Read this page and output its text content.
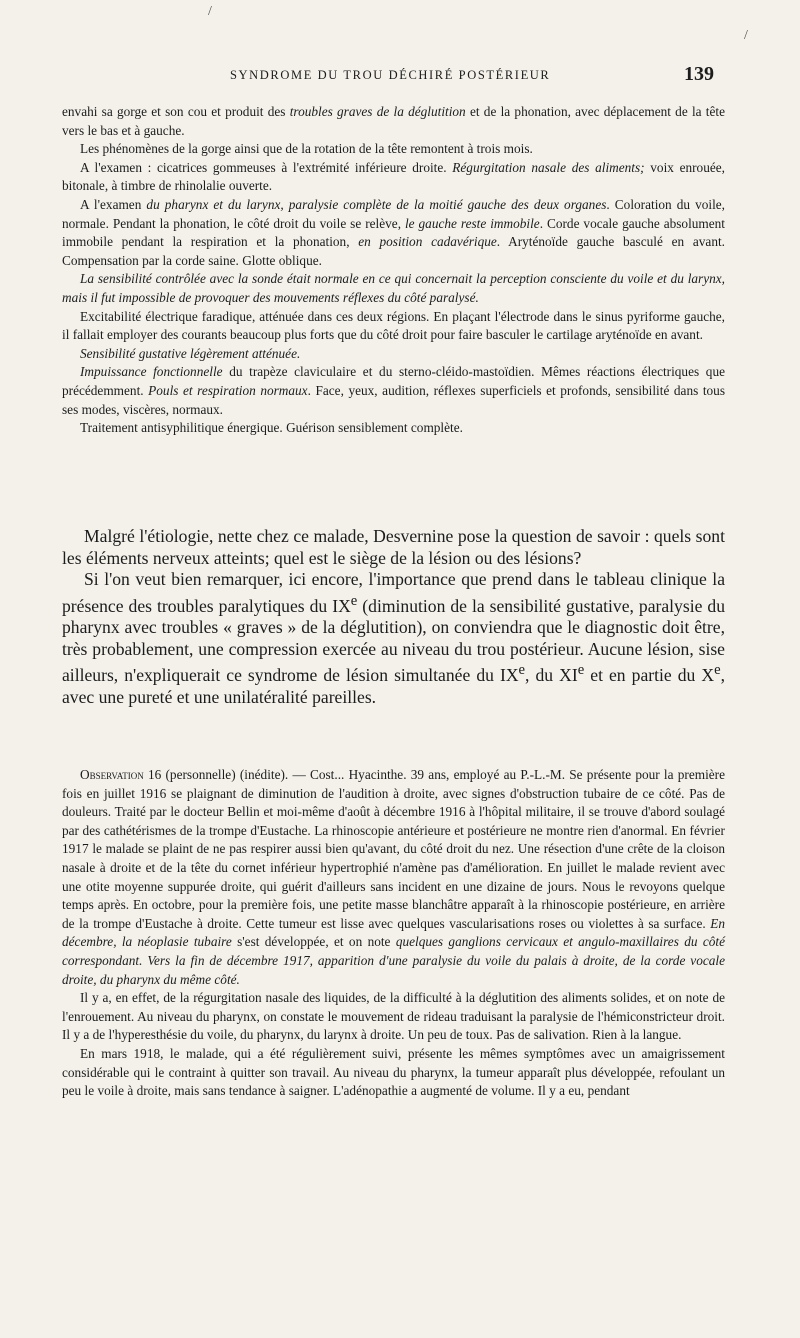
SYNDROME DU TROU DÉCHIRÉ POSTÉRIEUR	139
/
/

envahi sa gorge et son cou et produit des troubles graves de la déglutition et de la phonation, avec déplacement de la tête vers le bas et à gauche.

Les phénomènes de la gorge ainsi que de la rotation de la tête remontent à trois mois.

A l'examen : cicatrices gommeuses à l'extrémité inférieure droite. Régurgitation nasale des aliments; voix enrouée, bitonale, à timbre de rhinolalie ouverte.

A l'examen du pharynx et du larynx, paralysie complète de la moitié gauche des deux organes. Coloration du voile, normale. Pendant la phonation, le côté droit du voile se relève, le gauche reste immobile. Corde vocale gauche absolument immobile pendant la respiration et la phonation, en position cadavérique. Aryténoïde gauche basculé en avant. Compensation par la corde saine. Glotte oblique.

La sensibilité contrôlée avec la sonde était normale en ce qui concernait la perception consciente du voile et du larynx, mais il fut impossible de provoquer des mouvements réflexes du côté paralysé.

Excitabilité électrique faradique, atténuée dans ces deux régions. En plaçant l'électrode dans le sinus pyriforme gauche, il fallait employer des courants beaucoup plus forts que du côté droit pour faire basculer le cartilage aryténoïde en avant.

Sensibilité gustative légèrement atténuée.

Impuissance fonctionnelle du trapèze claviculaire et du sterno-cléido-mastoïdien. Mêmes réactions électriques que précédemment. Pouls et respiration normaux. Face, yeux, audition, réflexes superficiels et profonds, sensibilité dans tous ses modes, viscères, normaux.

Traitement antisyphilitique énergique. Guérison sensiblement complète.

Malgré l'étiologie, nette chez ce malade, Desvernine pose la question de savoir : quels sont les éléments nerveux atteints; quel est le siège de la lésion ou des lésions?

Si l'on veut bien remarquer, ici encore, l'importance que prend dans le tableau clinique la présence des troubles paralytiques du IXe (diminution de la sensibilité gustative, paralysie du pharynx avec troubles « graves » de la déglutition), on conviendra que le diagnostic doit être, très probablement, une compression exercée au niveau du trou postérieur. Aucune lésion, sise ailleurs, n'expliquerait ce syndrome de lésion simultanée du IXe, du XIe et en partie du Xe, avec une pureté et une unilatéralité pareilles.

Observation 16 (personnelle) (inédite). — Cost... Hyacinthe. 39 ans, employé au P.-L.-M. Se présente pour la première fois en juillet 1916 se plaignant de diminution de l'audition à droite, avec signes d'obstruction tubaire de ce côté. Pas de douleurs. Traité par le docteur Bellin et moi-même d'août à décembre 1916 à l'hôpital militaire, il se trouve d'abord soulagé par des cathétérismes de la trompe d'Eustache. La rhinoscopie antérieure et postérieure ne montre rien d'anormal. En février 1917 le malade se plaint de ne pas respirer aussi bien qu'avant, du côté droit du nez. Une résection d'une crête de la cloison nasale à droite et de la tête du cornet inférieur hypertrophié n'amène pas d'amélioration. En juillet le malade revient avec une otite moyenne suppurée droite, qui guérit d'ailleurs sans incident en une dizaine de jours. Nous le revoyons quelque temps après. En octobre, pour la première fois, une petite masse blanchâtre apparaît à la rhinoscopie postérieure, en arrière de la trompe d'Eustache à droite. Cette tumeur est lisse avec quelques vascularisations roses ou violettes à sa surface. En décembre, la néoplasie tubaire s'est développée, et on note quelques ganglions cervicaux et angulo-maxillaires du côté correspondant. Vers la fin de décembre 1917, apparition d'une paralysie du voile du palais à droite, de la corde vocale droite, du pharynx du même côté.

Il y a, en effet, de la régurgitation nasale des liquides, de la difficulté à la déglutition des aliments solides, et on note de l'enrouement. Au niveau du pharynx, on constate le mouvement de rideau traduisant la paralysie de l'hémiconstricteur droit. Il y a de l'hyperesthésie du voile, du pharynx, du larynx à droite. Un peu de toux. Pas de salivation. Rien à la langue.

En mars 1918, le malade, qui a été régulièrement suivi, présente les mêmes symptômes avec un amaigrissement considérable qui le contraint à quitter son travail. Au niveau du pharynx, la tumeur apparaît plus développée, refoulant un peu le voile à droite, mais sans tendance à saigner. L'adénopathie a augmenté de volume. Il y a eu, pendant
